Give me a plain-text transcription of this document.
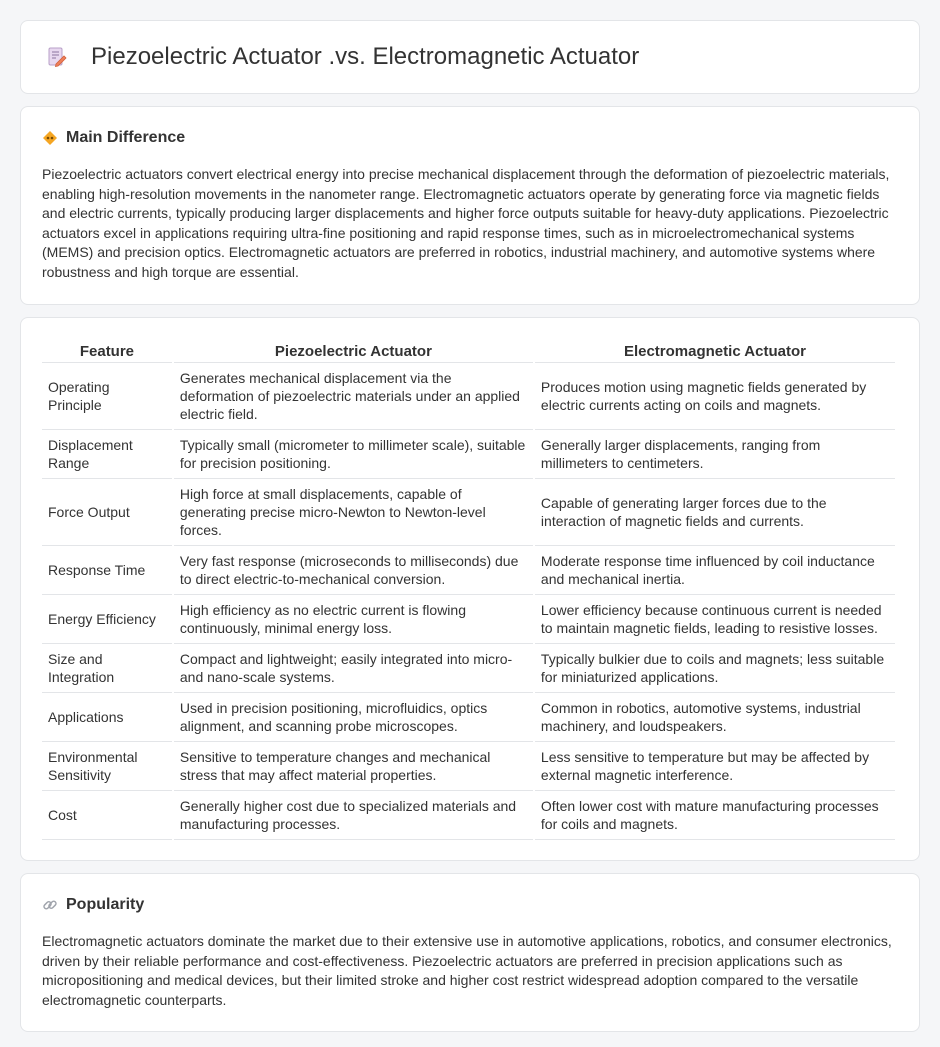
Piezoelectric Actuator .vs. Electromagnetic Actuator
Main Difference

Piezoelectric actuators convert electrical energy into precise mechanical displacement through the deformation of piezoelectric materials, enabling high-resolution movements in the nanometer range. Electromagnetic actuators operate by generating force via magnetic fields and electric currents, typically producing larger displacements and higher force outputs suitable for heavy-duty applications. Piezoelectric actuators excel in applications requiring ultra-fine positioning and rapid response times, such as in microelectromechanical systems (MEMS) and precision optics. Electromagnetic actuators are preferred in robotics, industrial machinery, and automotive systems where robustness and high torque are essential.

Feature	Piezoelectric Actuator	Electromagnetic Actuator
Operating Principle	Generates mechanical displacement via the deformation of piezoelectric materials under an applied electric field.	Produces motion using magnetic fields generated by electric currents acting on coils and magnets.
Displacement Range	Typically small (micrometer to millimeter scale), suitable for precision positioning.	Generally larger displacements, ranging from millimeters to centimeters.
Force Output	High force at small displacements, capable of generating precise micro-Newton to Newton-level forces.	Capable of generating larger forces due to the interaction of magnetic fields and currents.
Response Time	Very fast response (microseconds to milliseconds) due to direct electric-to-mechanical conversion.	Moderate response time influenced by coil inductance and mechanical inertia.
Energy Efficiency	High efficiency as no electric current is flowing continuously, minimal energy loss.	Lower efficiency because continuous current is needed to maintain magnetic fields, leading to resistive losses.
Size and Integration	Compact and lightweight; easily integrated into micro- and nano-scale systems.	Typically bulkier due to coils and magnets; less suitable for miniaturized applications.
Applications	Used in precision positioning, microfluidics, optics alignment, and scanning probe microscopes.	Common in robotics, automotive systems, industrial machinery, and loudspeakers.
Environmental Sensitivity	Sensitive to temperature changes and mechanical stress that may affect material properties.	Less sensitive to temperature but may be affected by external magnetic interference.
Cost	Generally higher cost due to specialized materials and manufacturing processes.	Often lower cost with mature manufacturing processes for coils and magnets.
Popularity

Electromagnetic actuators dominate the market due to their extensive use in automotive applications, robotics, and consumer electronics, driven by their reliable performance and cost-effectiveness. Piezoelectric actuators are preferred in precision applications such as micropositioning and medical devices, but their limited stroke and higher cost restrict widespread adoption compared to the versatile electromagnetic counterparts.
